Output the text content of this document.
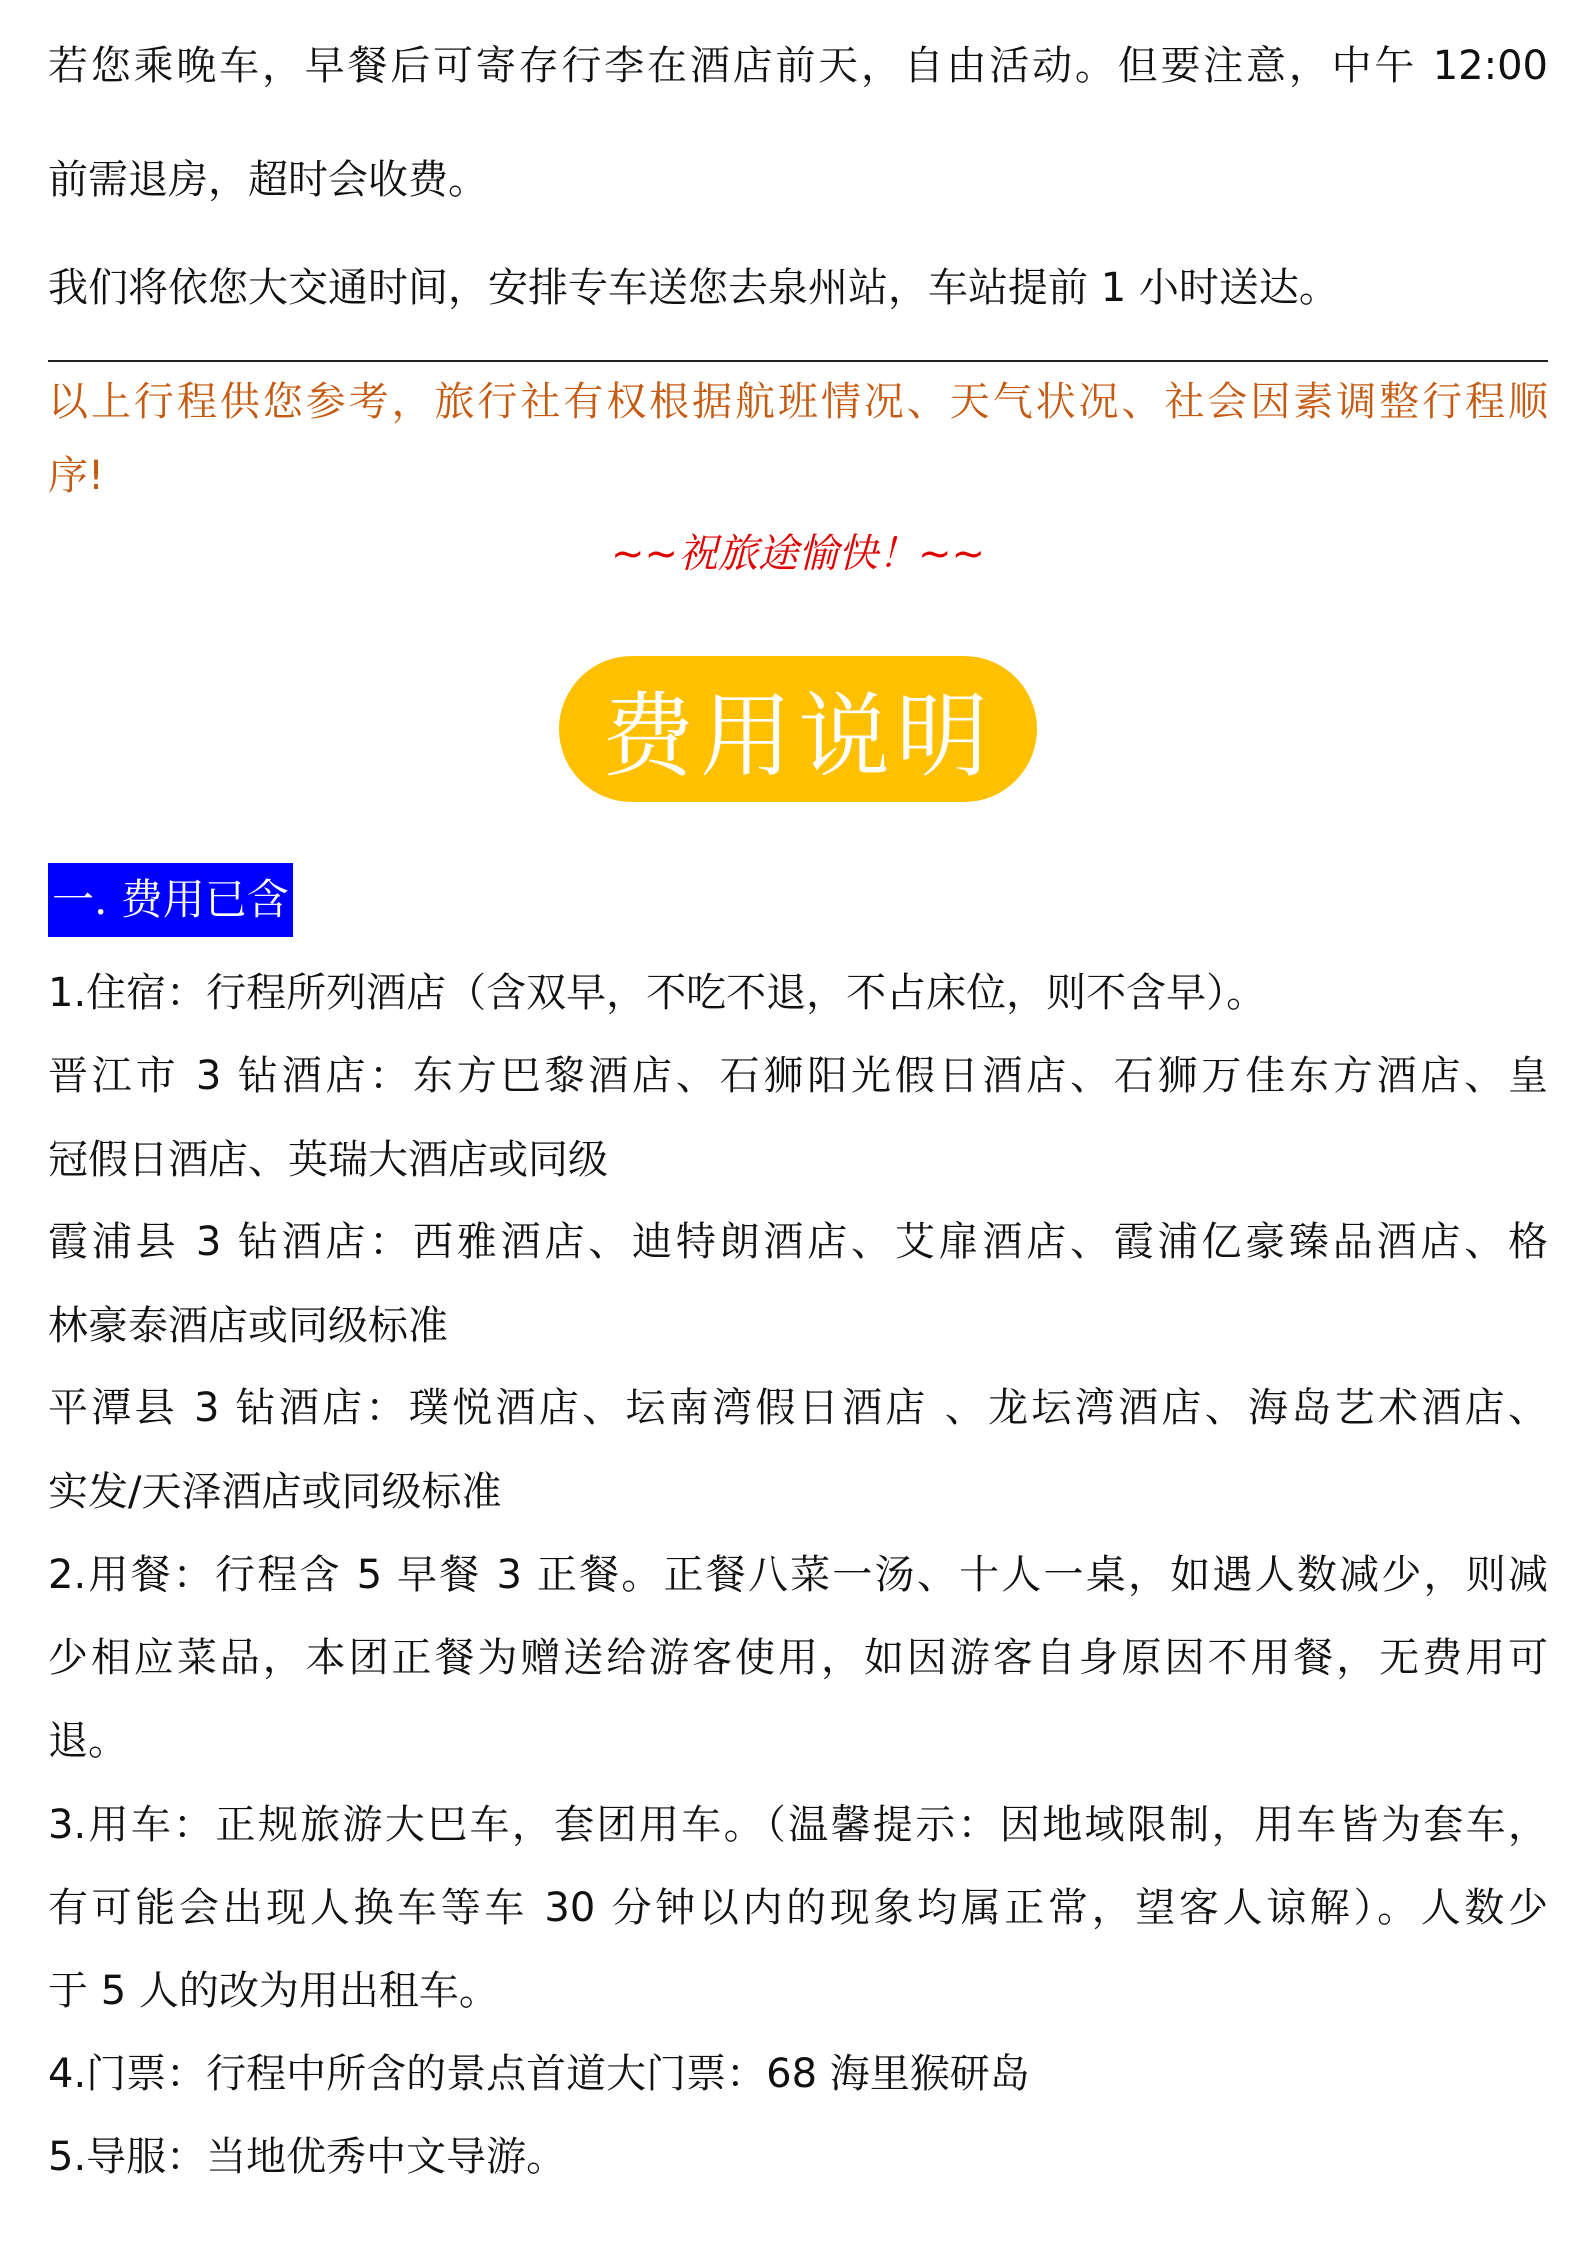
若您乘晚车，早餐后可寄存行李在酒店前天，自由活动。但要注意，中午 12:00
前需退房，超时会收费。
我们将依您大交通时间，安排专车送您去泉州站，车站提前 1 小时送达。
以上行程供您参考，旅行社有权根据航班情况、天气状况、社会因素调整行程顺
序!
~~祝旅途愉快！~~
费用说明
一. 费用已含
1.住宿：行程所列酒店（含双早，不吃不退，不占床位，则不含早）。
晋江市 3 钻酒店：东方巴黎酒店、石狮阳光假日酒店、石狮万佳东方酒店、皇
冠假日酒店、英瑞大酒店或同级
霞浦县 3 钻酒店：西雅酒店、迪特朗酒店、艾扉酒店、霞浦亿豪臻品酒店、格
林豪泰酒店或同级标准
平潭县 3 钻酒店：璞悦酒店、坛南湾假日酒店 、龙坛湾酒店、海岛艺术酒店、
实发/天泽酒店或同级标准
2.用餐：行程含 5 早餐 3 正餐。正餐八菜一汤、十人一桌，如遇人数减少，则减
少相应菜品，本团正餐为赠送给游客使用，如因游客自身原因不用餐，无费用可
退。
3.用车：正规旅游大巴车，套团用车。（温馨提示：因地域限制，用车皆为套车，
有可能会出现人换车等车 30 分钟以内的现象均属正常，望客人谅解）。人数少
于 5 人的改为用出租车。
4.门票：行程中所含的景点首道大门票：68 海里猴研岛
5.导服：当地优秀中文导游。
